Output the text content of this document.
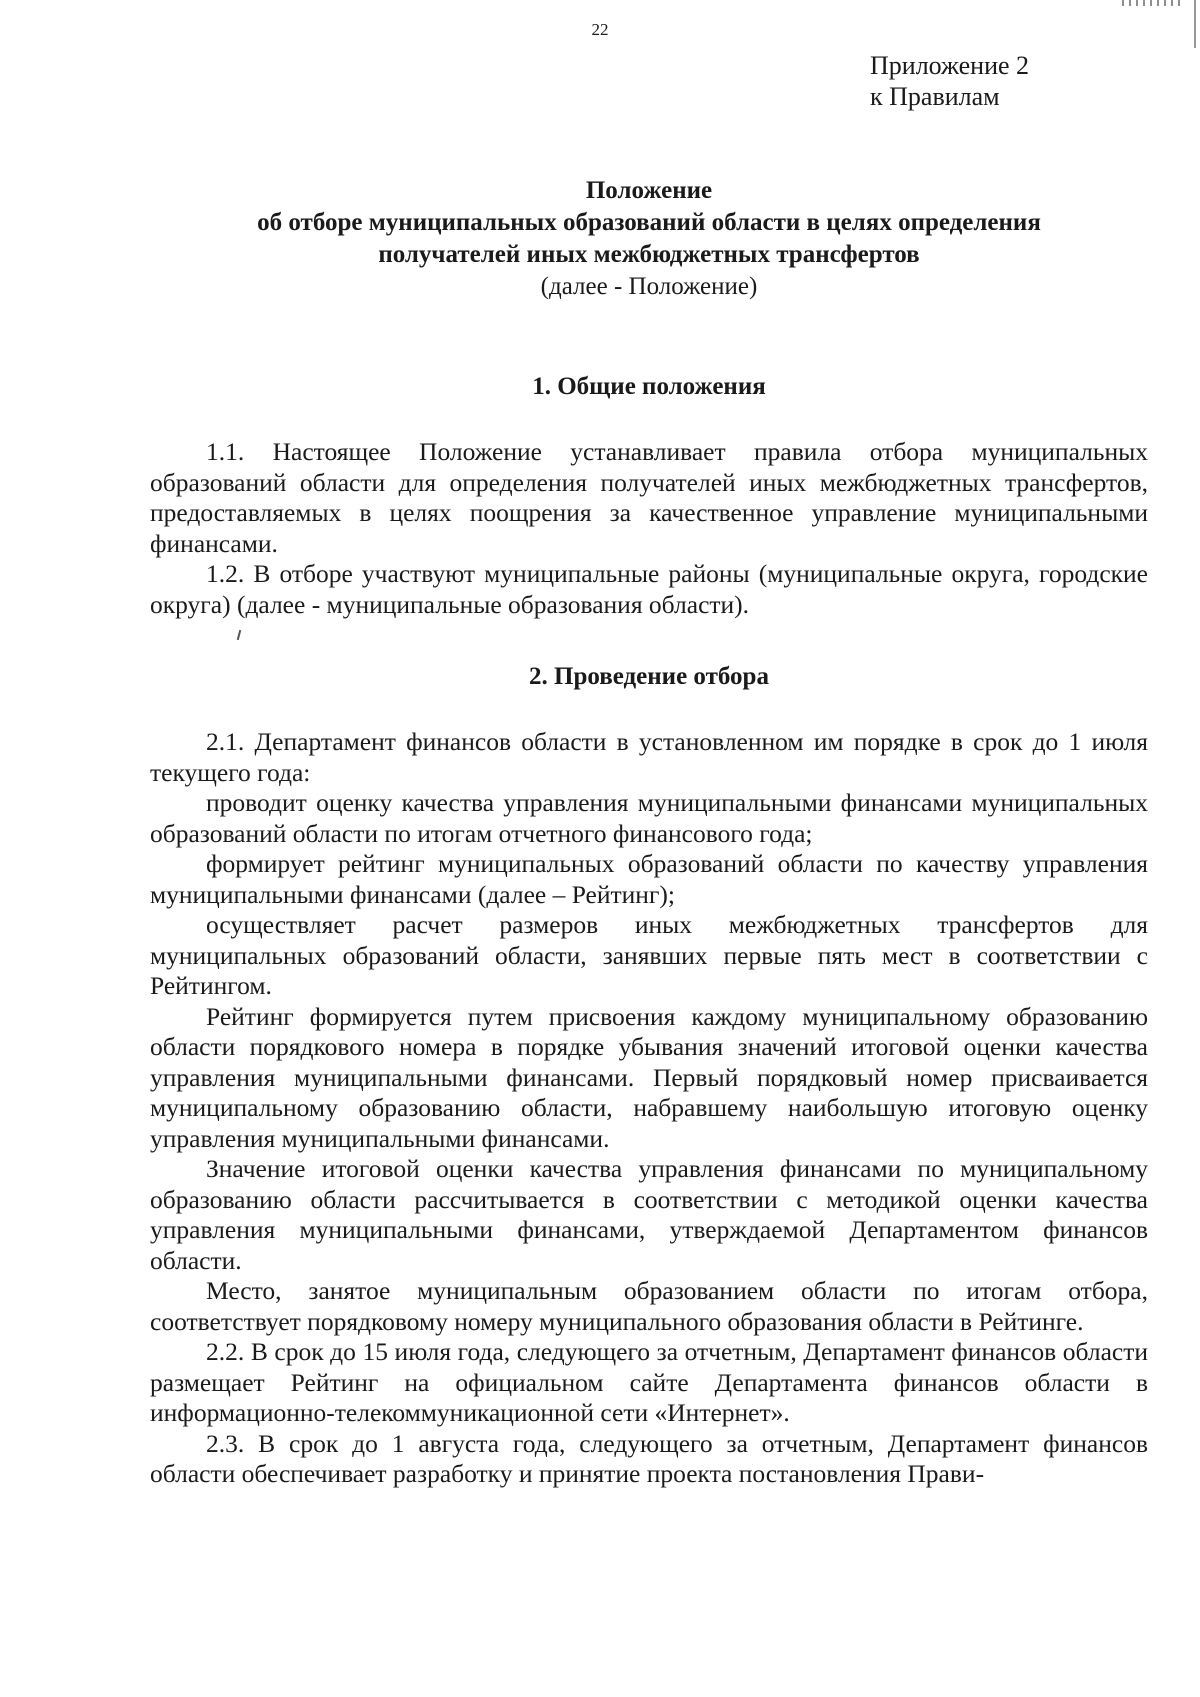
22
Приложение 2
к Правилам
Положение
об отборе муниципальных образований области в целях определения
получателей иных межбюджетных трансфертов
(далее - Положение)
1. Общие положения

1.1. Настоящее Положение устанавливает правила отбора муниципальных образований области для определения получателей иных межбюджетных трансфертов, предоставляемых в целях поощрения за качественное управление муниципальными финансами.

1.2. В отборе участвуют муниципальные районы (муниципальные округа, городские округа) (далее - муниципальные образования области).

2. Проведение отбора

2.1. Департамент финансов области в установленном им порядке в срок до 1 июля текущего года:

проводит оценку качества управления муниципальными финансами муниципальных образований области по итогам отчетного финансового года;

формирует рейтинг муниципальных образований области по качеству управления муниципальными финансами (далее – Рейтинг);

осуществляет расчет размеров иных межбюджетных трансфертов для муниципальных образований области, занявших первые пять мест в соответствии с Рейтингом.

Рейтинг формируется путем присвоения каждому муниципальному образованию области порядкового номера в порядке убывания значений итоговой оценки качества управления муниципальными финансами. Первый порядковый номер присваивается муниципальному образованию области, набравшему наибольшую итоговую оценку управления муниципальными финансами.

Значение итоговой оценки качества управления финансами по муниципальному образованию области рассчитывается в соответствии с методикой оценки качества управления муниципальными финансами, утверждаемой Департаментом финансов области.

Место, занятое муниципальным образованием области по итогам отбора, соответствует порядковому номеру муниципального образования области в Рейтинге.

2.2. В срок до 15 июля года, следующего за отчетным, Департамент финансов области размещает Рейтинг на официальном сайте Департамента финансов области в информационно-телекоммуникационной сети «Интернет».

2.3. В срок до 1 августа года, следующего за отчетным, Департамент финансов области обеспечивает разработку и принятие проекта постановления Прави-
